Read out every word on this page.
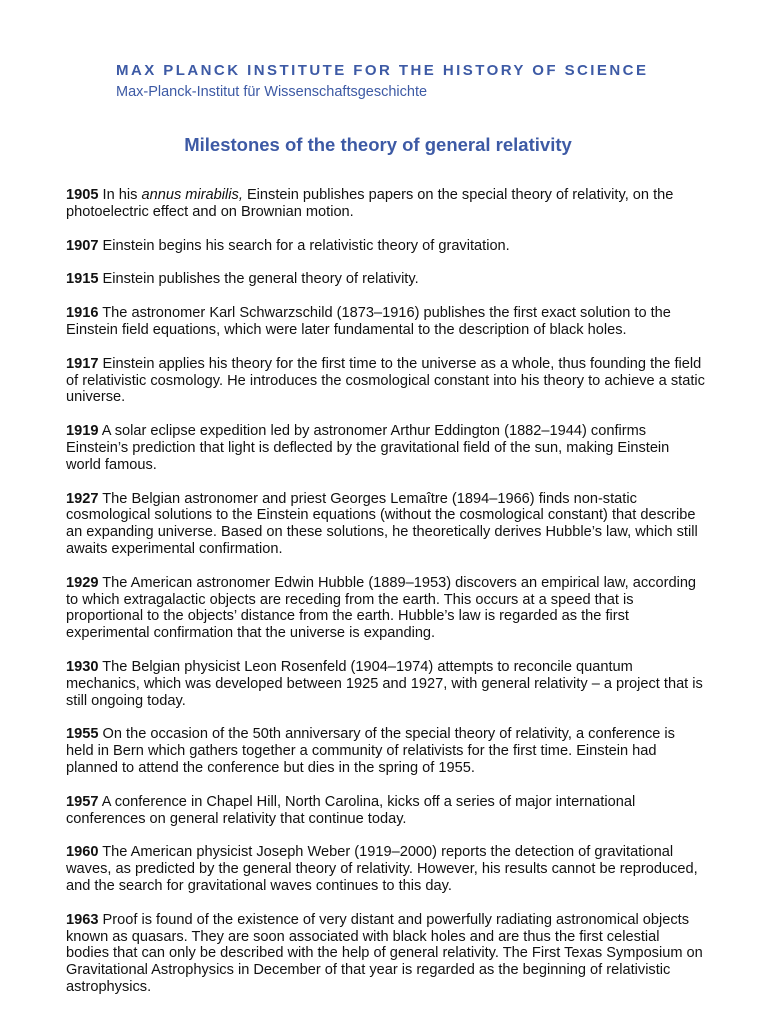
MAX PLANCK INSTITUTE FOR THE HISTORY OF SCIENCE
Max-Planck-Institut für Wissenschaftsgeschichte
Milestones of the theory of general relativity

1905 In his annus mirabilis, Einstein publishes papers on the special theory of relativity, on the photoelectric effect and on Brownian motion.

1907 Einstein begins his search for a relativistic theory of gravitation.

1915 Einstein publishes the general theory of relativity.

1916 The astronomer Karl Schwarzschild (1873–1916) publishes the first exact solution to the Einstein field equations, which were later fundamental to the description of black holes.

1917 Einstein applies his theory for the first time to the universe as a whole, thus founding the field of relativistic cosmology. He introduces the cosmological constant into his theory to achieve a static universe.

1919 A solar eclipse expedition led by astronomer Arthur Eddington (1882–1944) confirms Einstein’s prediction that light is deflected by the gravitational field of the sun, making Einstein world famous.

1927 The Belgian astronomer and priest Georges Lemaître (1894–1966) finds non-static cosmological solutions to the Einstein equations (without the cosmological constant) that describe an expanding universe. Based on these solutions, he theoretically derives Hubble’s law, which still awaits experimental confirmation.

1929 The American astronomer Edwin Hubble (1889–1953) discovers an empirical law, according to which extragalactic objects are receding from the earth. This occurs at a speed that is proportional to the objects’ distance from the earth. Hubble’s law is regarded as the first experimental confirmation that the universe is expanding.

1930 The Belgian physicist Leon Rosenfeld (1904–1974) attempts to reconcile quantum mechanics, which was developed between 1925 and 1927, with general relativity – a project that is still ongoing today.

1955 On the occasion of the 50th anniversary of the special theory of relativity, a conference is held in Bern which gathers together a community of relativists for the first time. Einstein had planned to attend the conference but dies in the spring of 1955.

1957 A conference in Chapel Hill, North Carolina, kicks off a series of major international conferences on general relativity that continue today.

1960 The American physicist Joseph Weber (1919–2000) reports the detection of gravitational waves, as predicted by the general theory of relativity. However, his results cannot be reproduced, and the search for gravitational waves continues to this day.

1963 Proof is found of the existence of very distant and powerfully radiating astronomical objects known as quasars. They are soon associated with black holes and are thus the first celestial bodies that can only be described with the help of general relativity. The First Texas Symposium on Gravitational Astrophysics in December of that year is regarded as the beginning of relativistic astrophysics.
